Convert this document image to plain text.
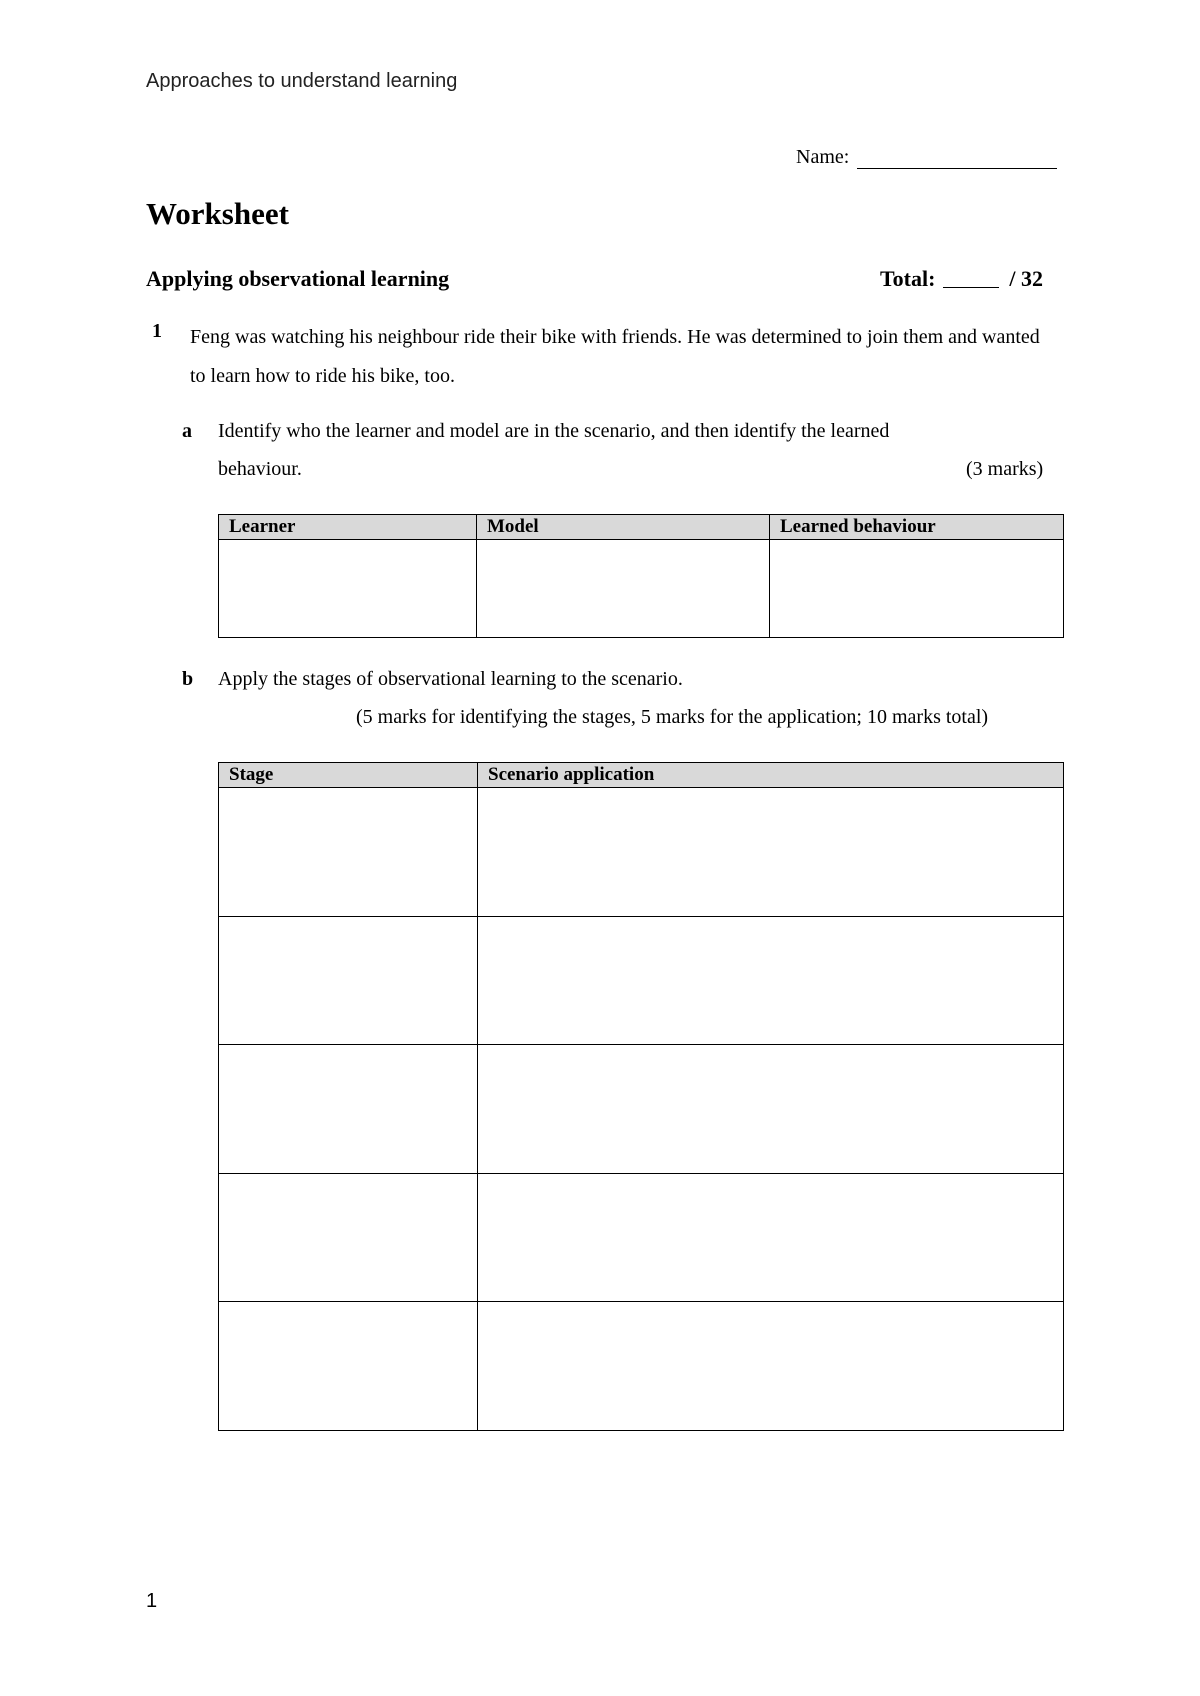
Approaches to understand learning
Name:
Worksheet
Applying observational learning	Total:	/ 32
1 Feng was watching his neighbour ride their bike with friends. He was determined to join them and wanted to learn how to ride his bike, too.
a Identify who the learner and model are in the scenario, and then identify the learned behaviour.	(3 marks)
Learner	Model	Learned behaviour

b Apply the stages of observational learning to the scenario.
(5 marks for identifying the stages, 5 marks for the application; 10 marks total)
Stage	Scenario application

1
